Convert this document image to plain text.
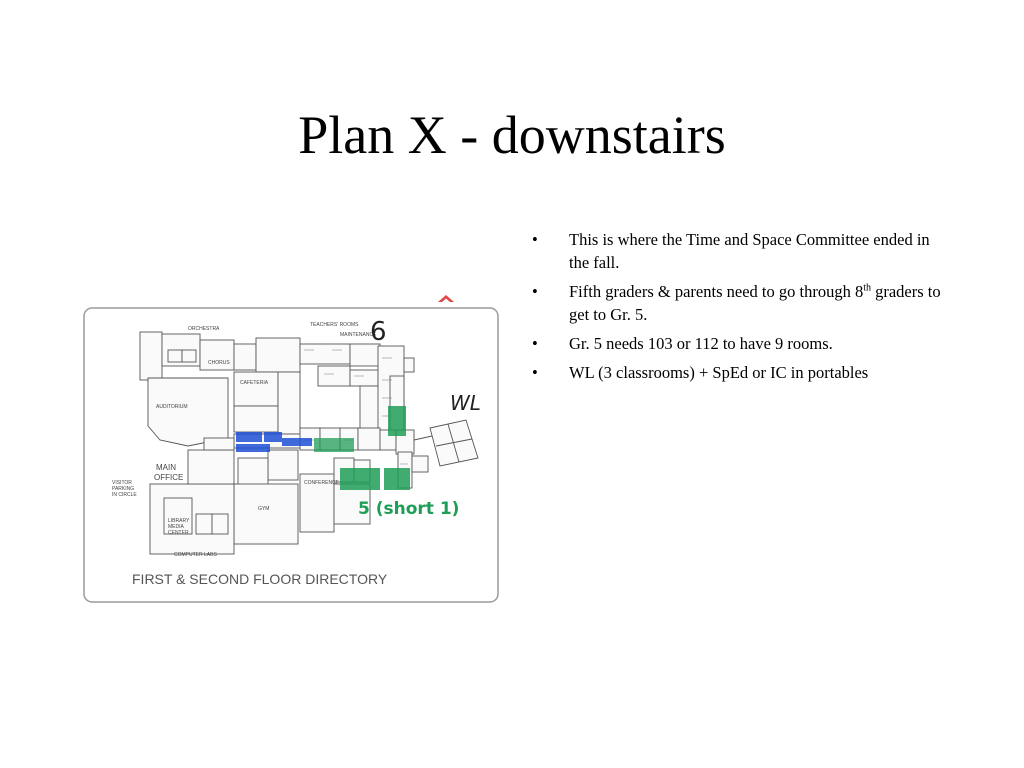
Plan X - downstairs
• This is where the Time and Space Committee ended in the fall.
• Fifth graders & parents need to go through 8th graders to get to Gr. 5.
• Gr. 5 needs 103 or 112 to have 9 rooms.
• WL (3 classrooms) + SpEd or IC in portables
ORCHESTRA
CHORUS
AUDITORIUM
CAFETERIA
TEACHERS' ROOMS
MAINTENANCE
CONFERENCE
GYM
LIBRARY
MEDIA
CENTER
COMPUTER LABS
VISITOR
PARKING
IN CIRCLE
MAIN
OFFICE
6
WL
5 (short 1)
FIRST & SECOND FLOOR DIRECTORY
